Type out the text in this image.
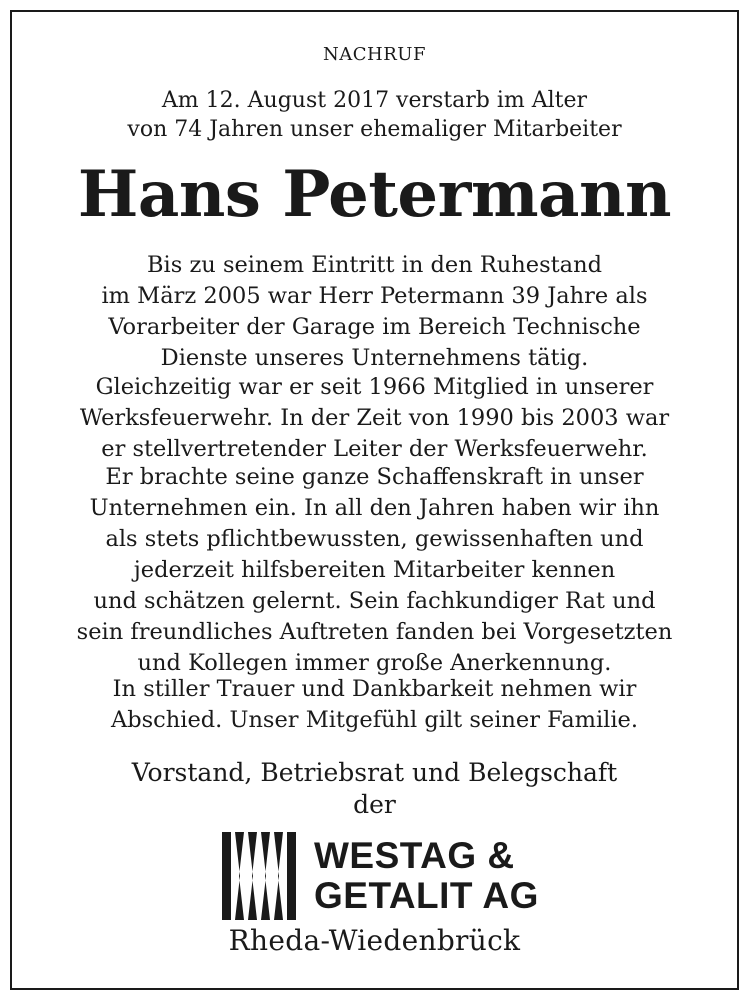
NACHRUF
Am 12. August 2017 verstarb im Alter
von 74 Jahren unser ehemaliger Mitarbeiter
Hans Petermann
Bis zu seinem Eintritt in den Ruhestand
im März 2005 war Herr Petermann 39 Jahre als
Vorarbeiter der Garage im Bereich Technische
Dienste unseres Unternehmens tätig.
Gleichzeitig war er seit 1966 Mitglied in unserer
Werksfeuerwehr. In der Zeit von 1990 bis 2003 war
er stellvertretender Leiter der Werksfeuerwehr.
Er brachte seine ganze Schaffenskraft in unser
Unternehmen ein. In all den Jahren haben wir ihn
als stets pflichtbewussten, gewissenhaften und
jederzeit hilfsbereiten Mitarbeiter kennen
und schätzen gelernt. Sein fachkundiger Rat und
sein freundliches Auftreten fanden bei Vorgesetzten
und Kollegen immer große Anerkennung.
In stiller Trauer und Dankbarkeit nehmen wir
Abschied. Unser Mitgefühl gilt seiner Familie.
Vorstand, Betriebsrat und Belegschaft
der
WESTAG &
GETALIT AG
Rheda-Wiedenbrück
